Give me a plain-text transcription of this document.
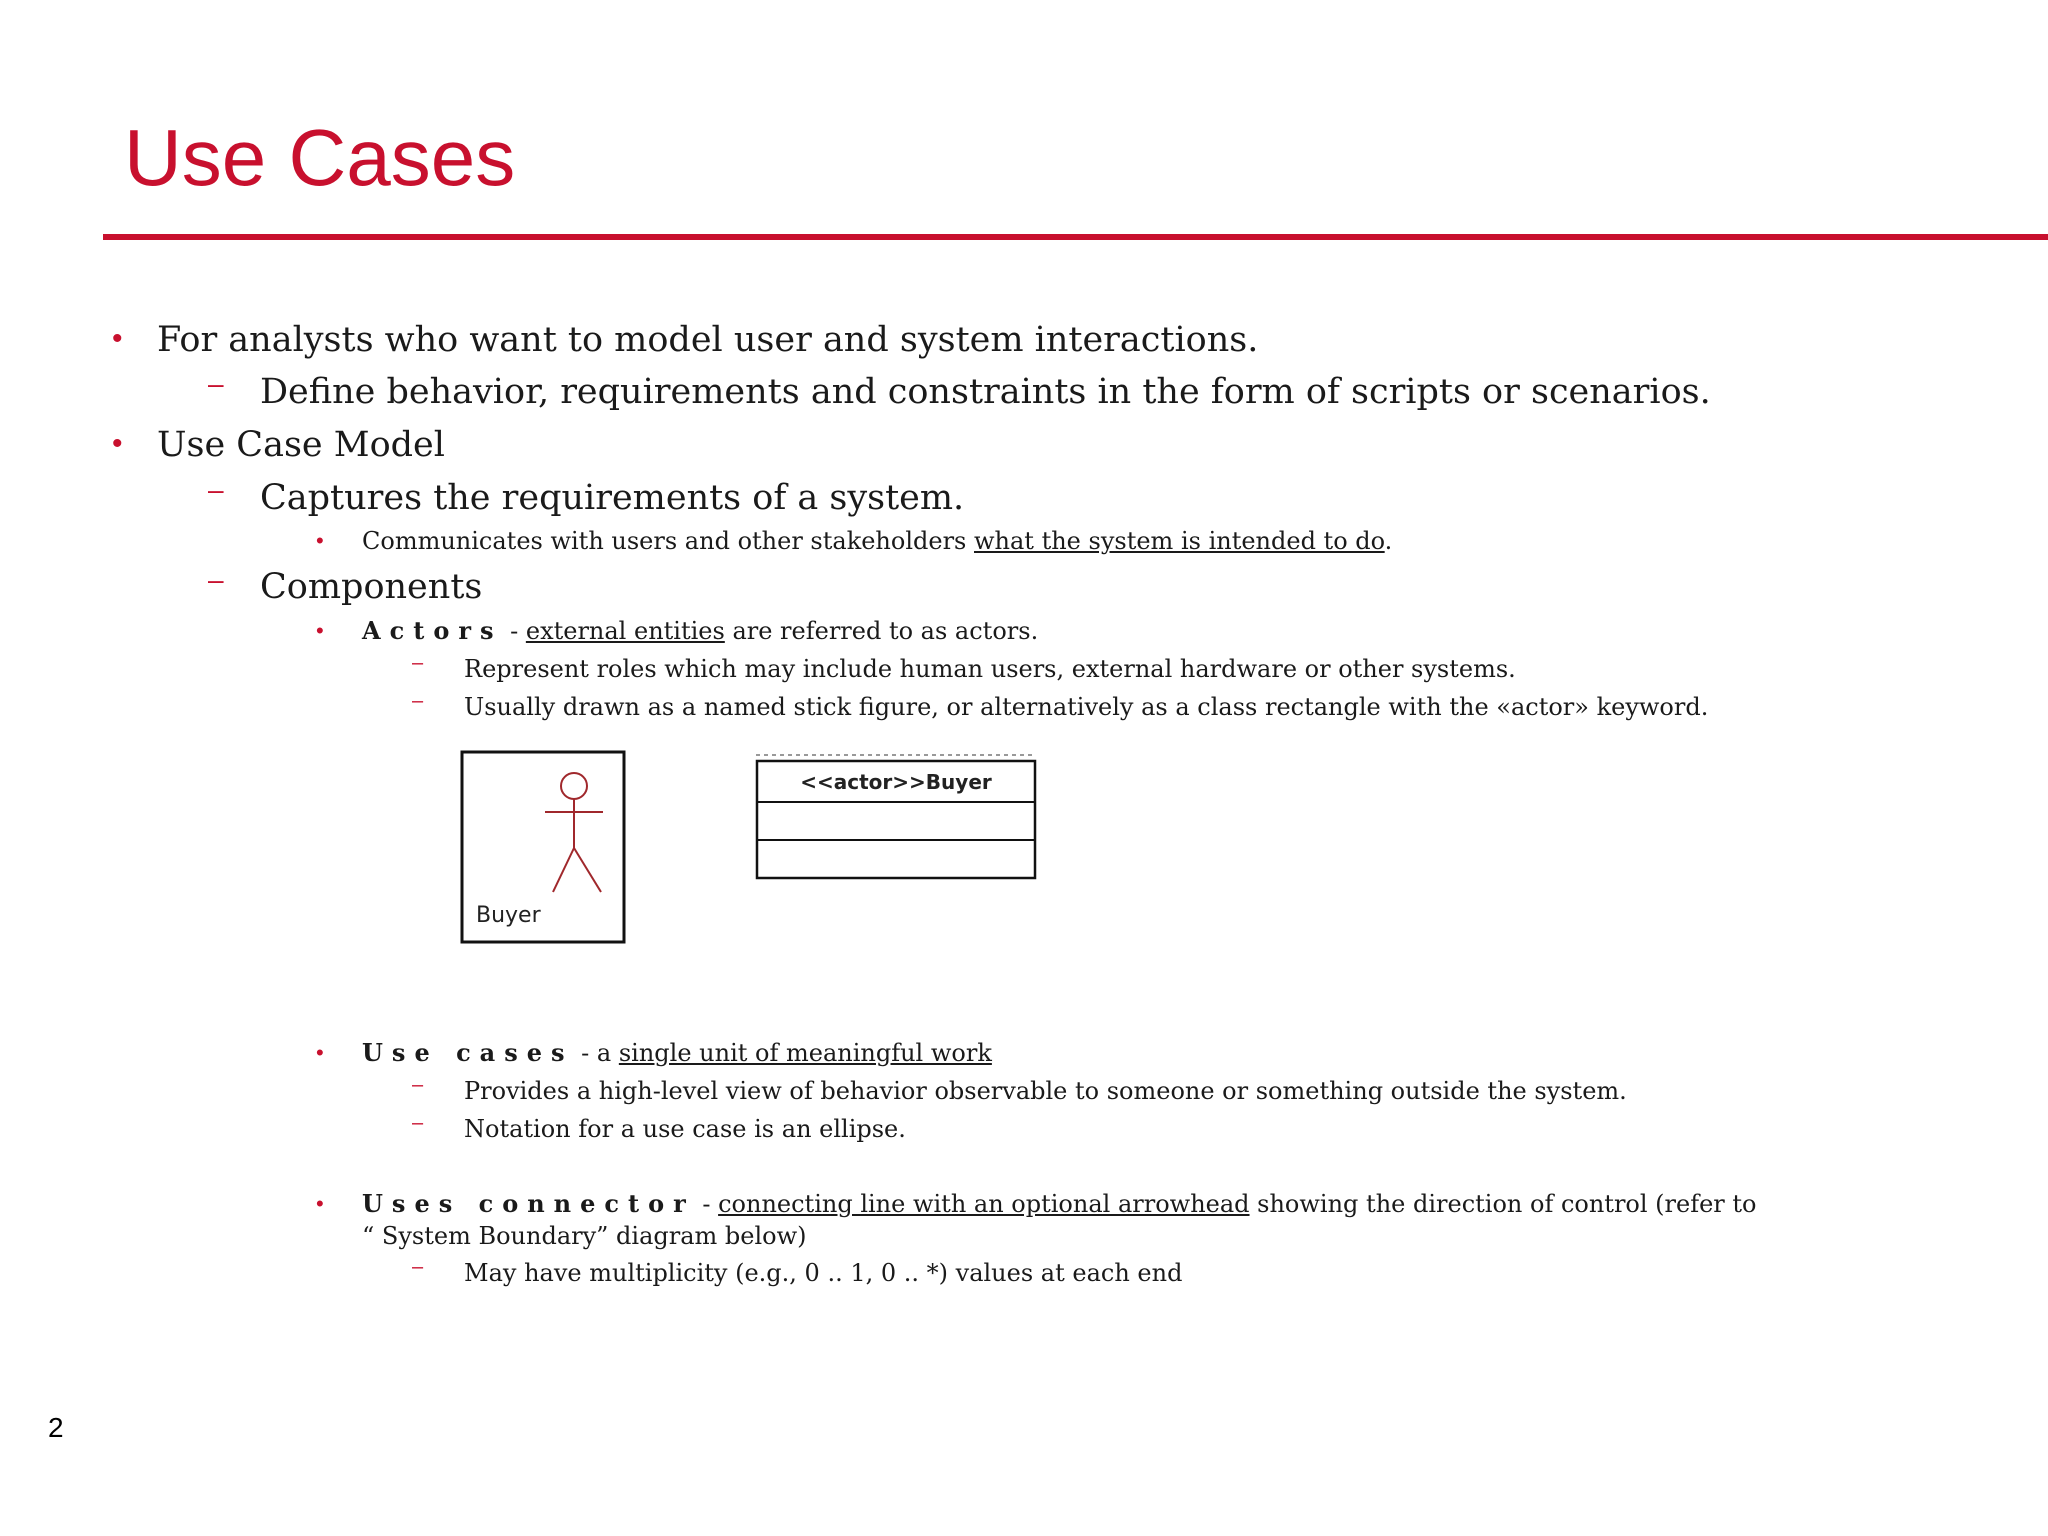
Use Cases
• For analysts who want to model user and system interactions.
– Define behavior, requirements and constraints in the form of scripts or scenarios.
• Use Case Model
– Captures the requirements of a system.
• Communicates with users and other stakeholders what the system is intended to do.
– Components
• Actors - external entities are referred to as actors.
– Represent roles which may include human users, external hardware or other systems.
– Usually drawn as a named stick figure, or alternatively as a class rectangle with the «actor» keyword.
Buyer
<<actor>>Buyer
• Use cases - a single unit of meaningful work
– Provides a high-level view of behavior observable to someone or something outside the system.
– Notation for a use case is an ellipse.
• Uses connector - connecting line with an optional arrowhead showing the direction of control (refer to
“ System Boundary” diagram below)
– May have multiplicity (e.g., 0 .. 1, 0 .. *) values at each end
2
